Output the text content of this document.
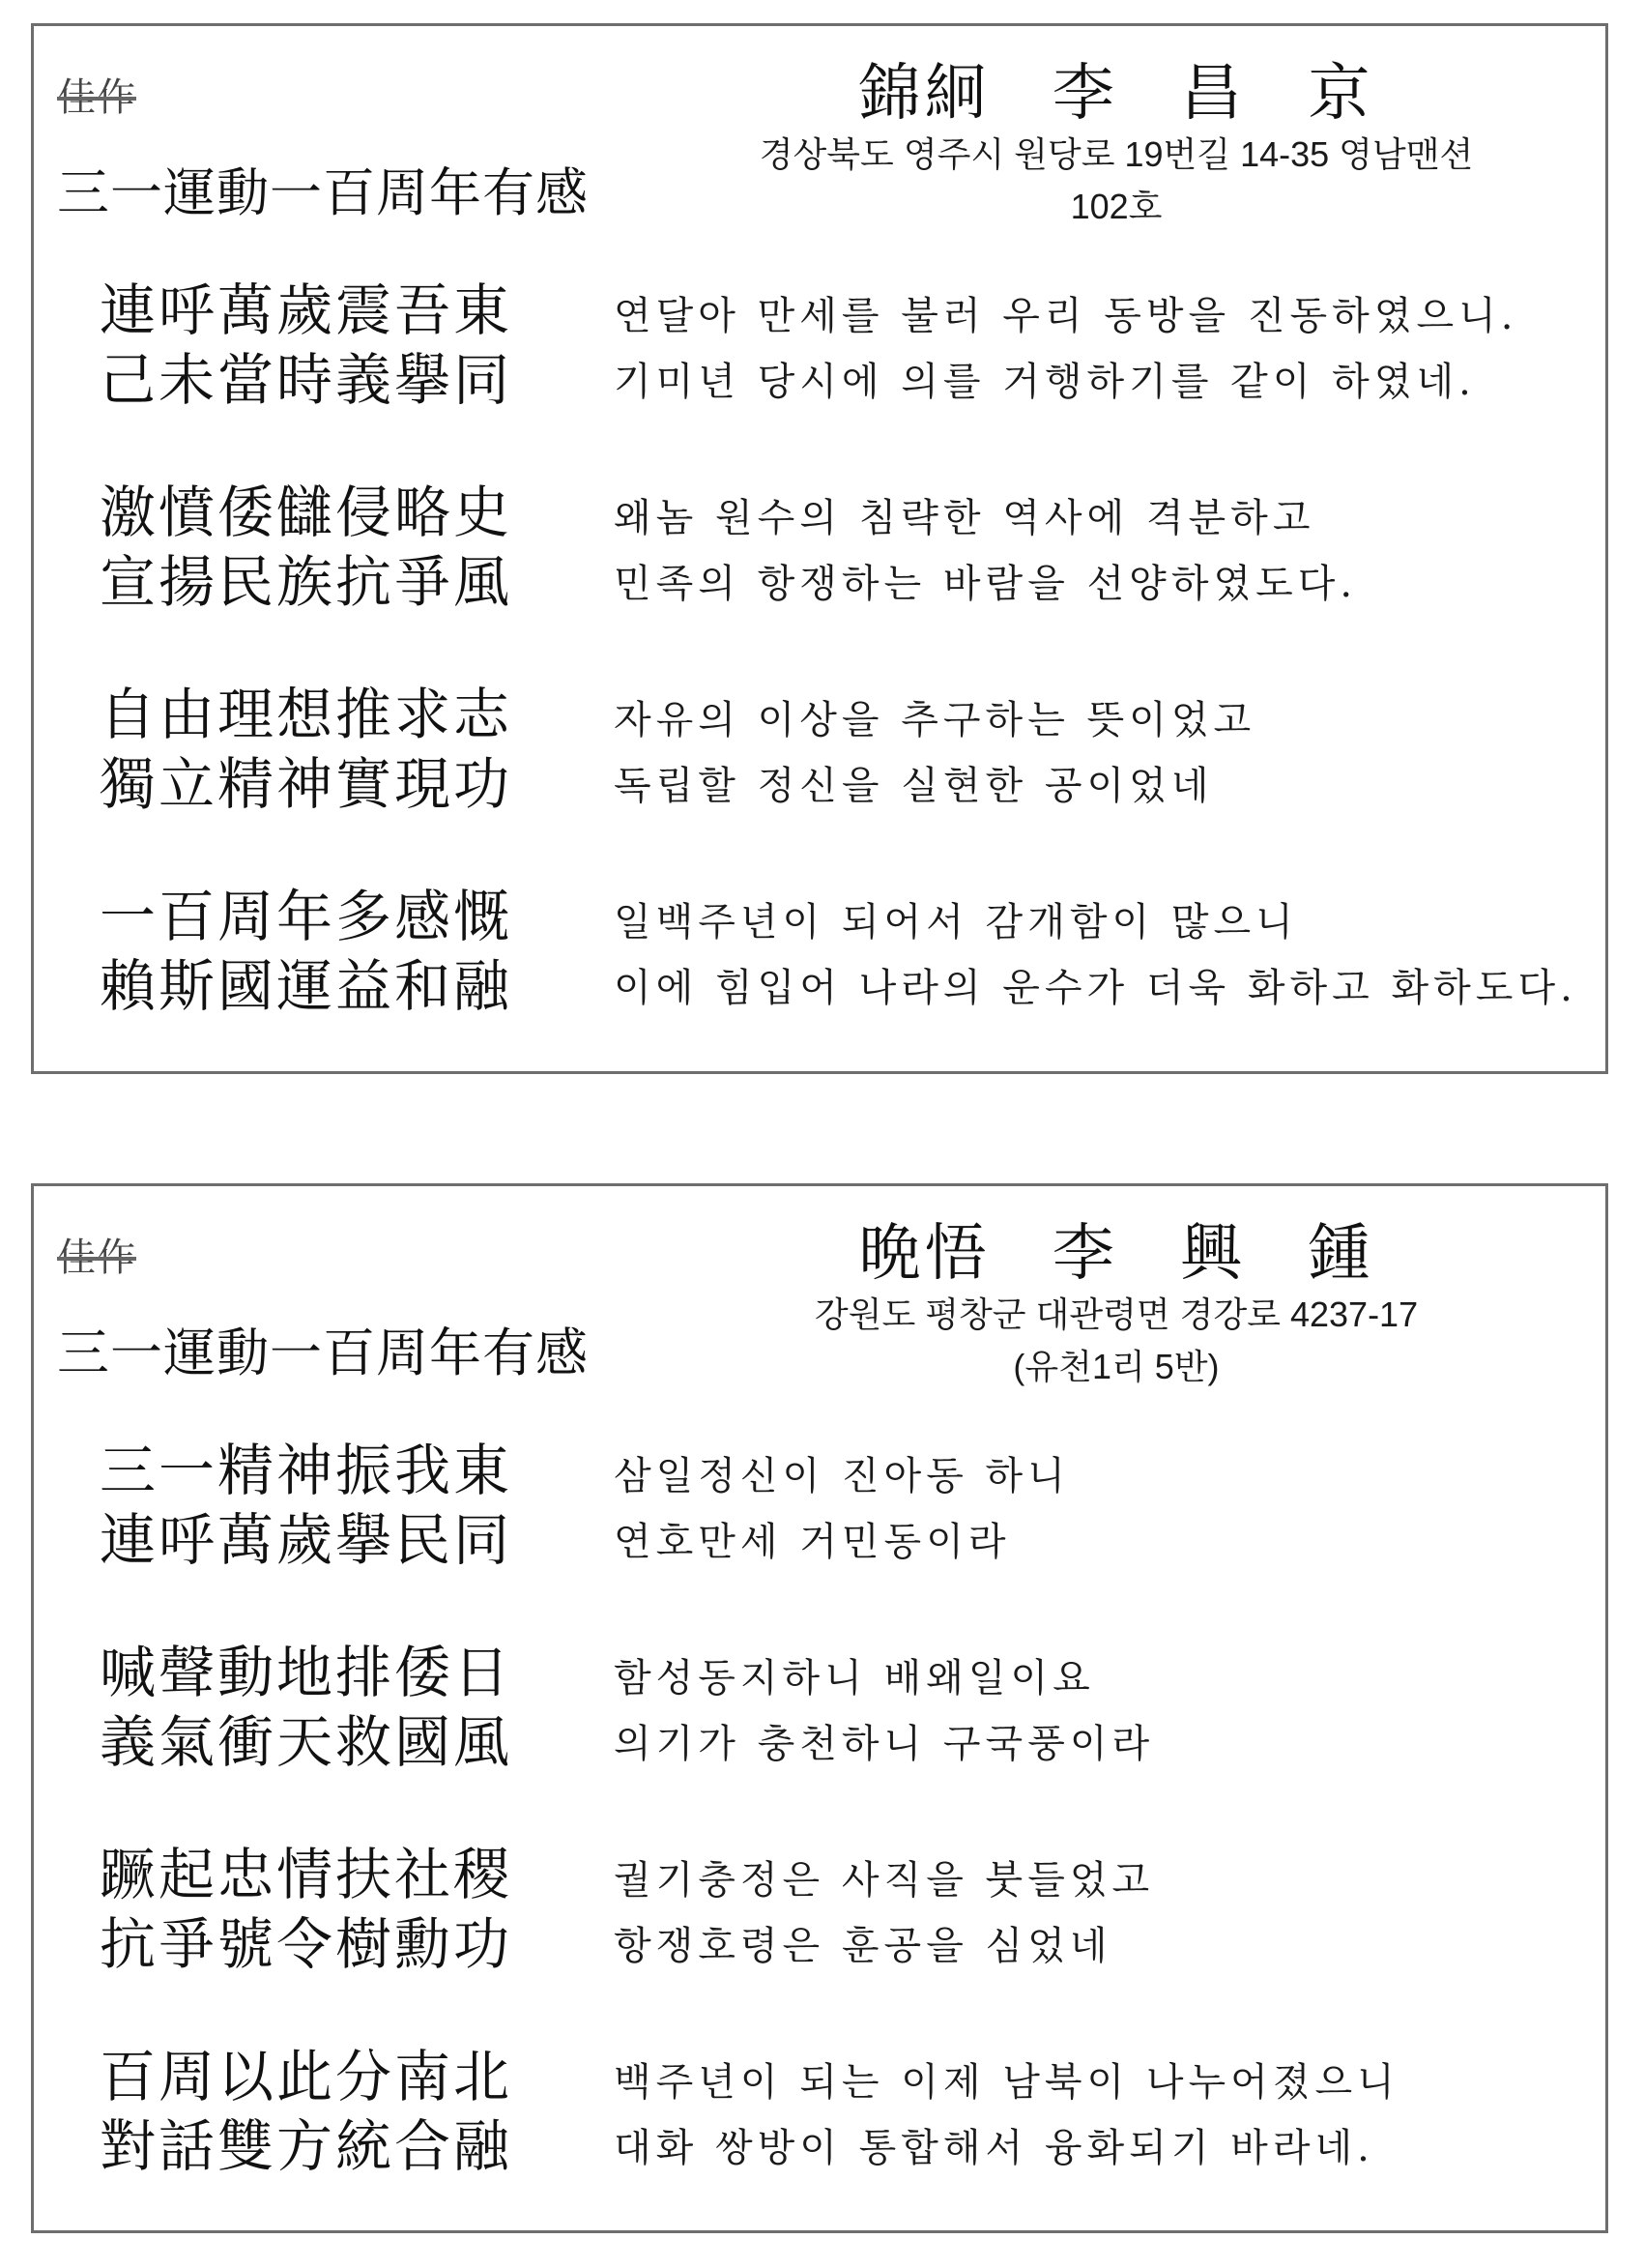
佳作
三一運動一百周年有感
錦絅 李 昌 京
경상북도 영주시 원당로 19번길 14-35 영남맨션
102호
連呼萬歲震吾東
己未當時義擧同
연달아 만세를 불러 우리 동방을 진동하였으니.
기미년 당시에 의를 거행하기를 같이 하였네.
激憤倭讎侵略史
宣揚民族抗爭風
왜놈 원수의 침략한 역사에 격분하고
민족의 항쟁하는 바람을 선양하였도다.
自由理想推求志
獨立精神實現功
자유의 이상을 추구하는 뜻이었고
독립할 정신을 실현한 공이었네
一百周年多感慨
賴斯國運益和融
일백주년이 되어서 감개함이 많으니
이에 힘입어 나라의 운수가 더욱 화하고 화하도다.
佳作
三一運動一百周年有感
晩悟 李 興 鍾
강원도 평창군 대관령면 경강로 4237-17
(유천1리 5반)
三一精神振我東
連呼萬歲擧民同
삼일정신이 진아동 하니
연호만세 거민동이라
喊聲動地排倭日
義氣衝天救國風
함성동지하니 배왜일이요
의기가 충천하니 구국풍이라
蹶起忠情扶社稷
抗爭號令樹勳功
궐기충정은 사직을 붓들었고
항쟁호령은 훈공을 심었네
百周以此分南北
對話雙方統合融
백주년이 되는 이제 남북이 나누어졌으니
대화 쌍방이 통합해서 융화되기 바라네.
